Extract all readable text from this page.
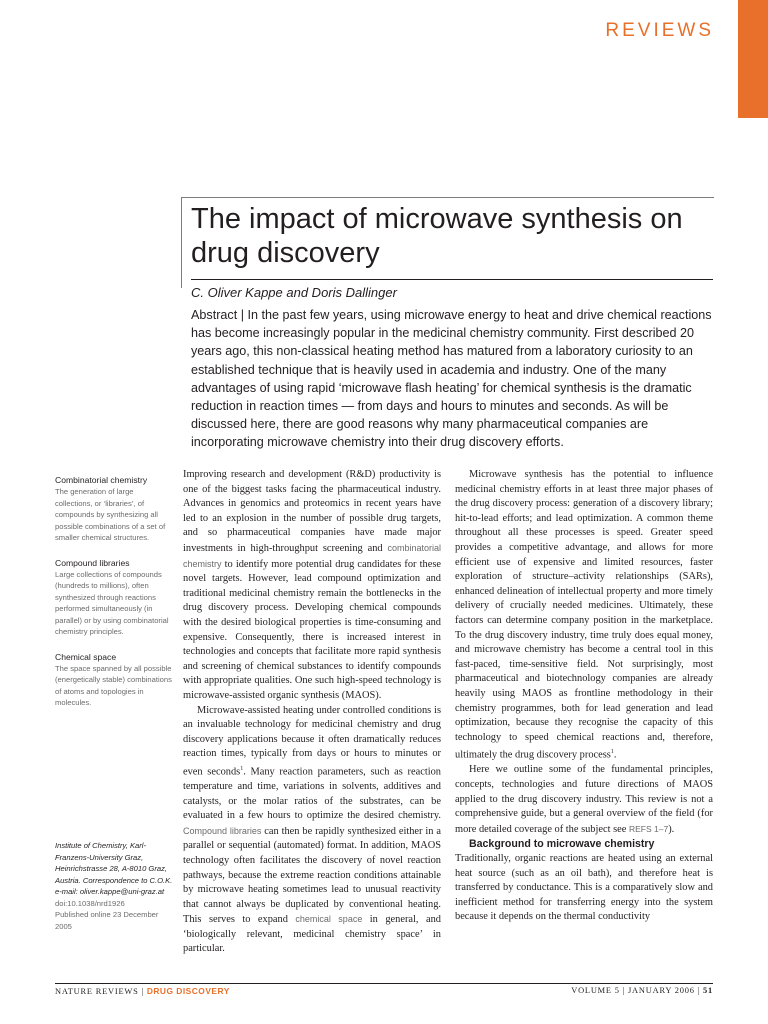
REVIEWS
The impact of microwave synthesis on drug discovery
C. Oliver Kappe and Doris Dallinger

Abstract | In the past few years, using microwave energy to heat and drive chemical reactions has become increasingly popular in the medicinal chemistry community. First described 20 years ago, this non-classical heating method has matured from a laboratory curiosity to an established technique that is heavily used in academia and industry. One of the many advantages of using rapid ‘microwave flash heating’ for chemical synthesis is the dramatic reduction in reaction times — from days and hours to minutes and seconds. As will be discussed here, there are good reasons why many pharmaceutical companies are incorporating microwave chemistry into their drug discovery efforts.

Combinatorial chemistry
The generation of large collections, or ‘libraries’, of compounds by synthesizing all possible combinations of a set of smaller chemical structures.
Compound libraries
Large collections of compounds (hundreds to millions), often synthesized through reactions performed simultaneously (in parallel) or by using combinatorial chemistry principles.
Chemical space
The space spanned by all possible (energetically stable) combinations of atoms and topologies in molecules.
Institute of Chemistry, Karl-Franzens-University Graz, Heinrichstrasse 28, A-8010 Graz, Austria. Correspondence to C.O.K. e-mail: oliver.kappe@uni-graz.at
doi:10.1038/nrd1926
Published online 23 December 2005

Improving research and development (R&D) productivity is one of the biggest tasks facing the pharmaceutical industry. Advances in genomics and proteomics in recent years have led to an explosion in the number of possible drug targets, and so pharmaceutical companies have made major investments in high-throughput screening and combinatorial chemistry to identify more potential drug candidates for these novel targets. However, lead compound optimization and traditional medicinal chemistry remain the bottlenecks in the drug discovery process. Developing chemical compounds with the desired biological properties is time-consuming and expensive. Consequently, there is increased interest in technologies and concepts that facilitate more rapid synthesis and screening of chemical substances to identify compounds with appropriate qualities. One such high-speed technology is microwave-assisted organic synthesis (MAOS).

Microwave-assisted heating under controlled conditions is an invaluable technology for medicinal chemistry and drug discovery applications because it often dramatically reduces reaction times, typically from days or hours to minutes or even seconds$^1$. Many reaction parameters, such as reaction temperature and time, variations in solvents, additives and catalysts, or the molar ratios of the substrates, can be evaluated in a few hours to optimize the desired chemistry. Compound libraries can then be rapidly synthesized either in a parallel or sequential (automated) format. In addition, MAOS technology often facilitates the discovery of novel reaction pathways, because the extreme reaction conditions attainable by microwave heating sometimes lead to unusual reactivity that cannot always be duplicated by conventional heating. This serves to expand chemical space in general, and ‘biologically relevant, medicinal chemistry space’ in particular.

Microwave synthesis has the potential to influence medicinal chemistry efforts in at least three major phases of the drug discovery process: generation of a discovery library; hit-to-lead efforts; and lead optimization. A common theme throughout all these processes is speed. Greater speed provides a competitive advantage, and allows for more efficient use of expensive and limited resources, faster exploration of structure–activity relationships (SARs), enhanced delineation of intellectual property and more timely delivery of crucially needed medicines. Ultimately, these factors can determine company position in the marketplace. To the drug discovery industry, time truly does equal money, and microwave chemistry has become a central tool in this fast-paced, time-sensitive field. Not surprisingly, most pharmaceutical and biotechnology companies are already heavily using MAOS as frontline methodology in their chemistry programmes, both for lead generation and lead optimization, because they recognise the capacity of this technology to speed chemical reactions and, therefore, ultimately the drug discovery process$^1$.

Here we outline some of the fundamental principles, concepts, technologies and future directions of MAOS applied to the drug discovery industry. This review is not a comprehensive guide, but a general overview of the field (for more detailed coverage of the subject see REFS 1–7).

Background to microwave chemistry

Traditionally, organic reactions are heated using an external heat source (such as an oil bath), and therefore heat is transferred by conductance. This is a comparatively slow and inefficient method for transferring energy into the system because it depends on the thermal conductivity

NATURE REVIEWS | DRUG DISCOVERY	VOLUME 5 | JANUARY 2006 | 51
